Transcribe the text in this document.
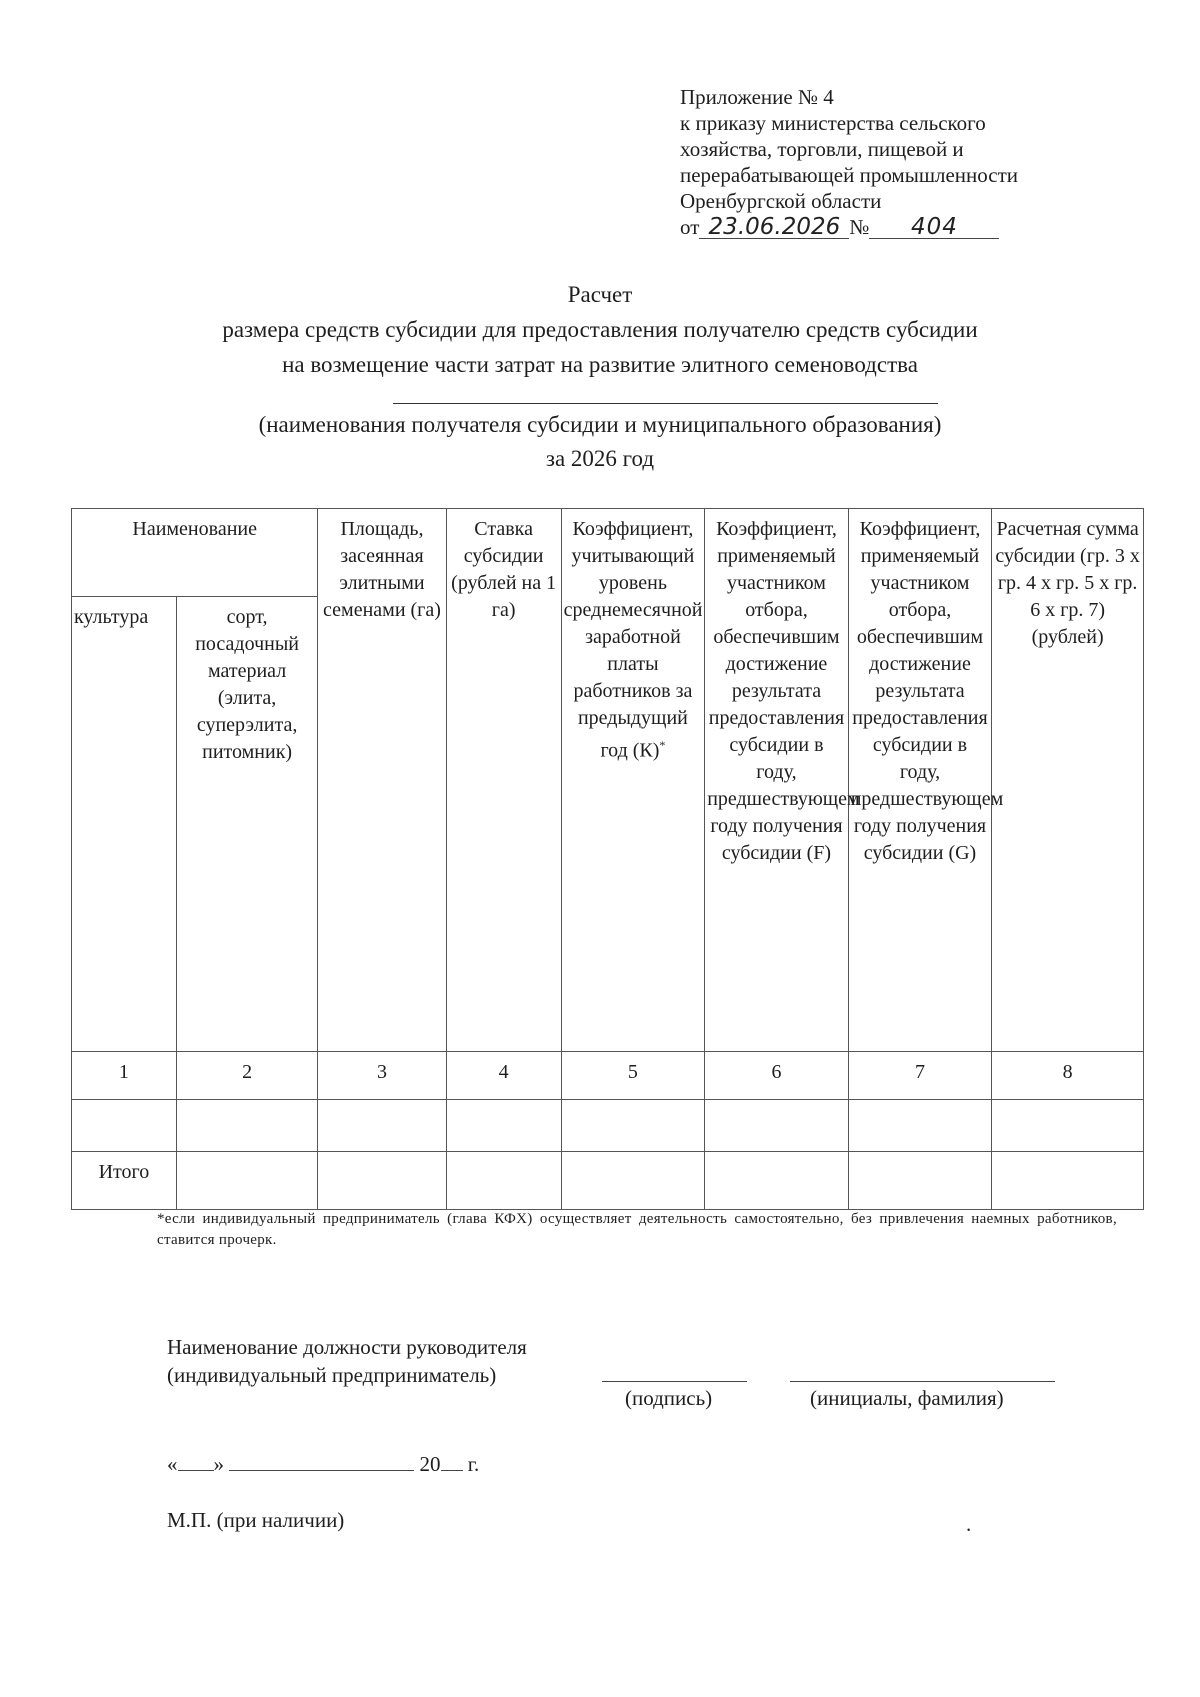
Приложение № 4
к приказу министерства сельского
хозяйства, торговли, пищевой и
перерабатывающей промышленности
Оренбургской области
от 23.06.2026 № 404
Расчет
размера средств субсидии для предоставления получателю средств субсидии
на возмещение части затрат на развитие элитного семеноводства
(наименования получателя субсидии и муниципального образования)
за 2026 год
Наименование		Площадь, засеянная элитными семенами (га)	Ставка субсидии (рублей на 1 га)	Коэффициент, учитывающий уровень среднемесячной заработной платы работников за предыдущий год (К)*	Коэффициент, применяемый участником отбора, обеспечившим достижение результата предоставления субсидии в году, предшествующем году получения субсидии (F)	Коэффициент, применяемый участником отбора, обеспечившим достижение результата предоставления субсидии в году, предшествующем году получения субсидии (G)	Расчетная сумма субсидии (гр. 3 х гр. 4 х гр. 5 х гр. 6 х гр. 7) (рублей)
культура	сорт, посадочный материал (элита, суперэлита, питомник)						
1	2	3	4	5	6	7	8

Итого							
*если индивидуальный предприниматель (глава КФХ) осуществляет деятельность самостоятельно, без привлечения наемных работников, ставится прочерк.
Наименование должности руководителя
(индивидуальный предприниматель)
(подпись)	(инициалы, фамилия)
« »	20 г.
М.П. (при наличии)	.
